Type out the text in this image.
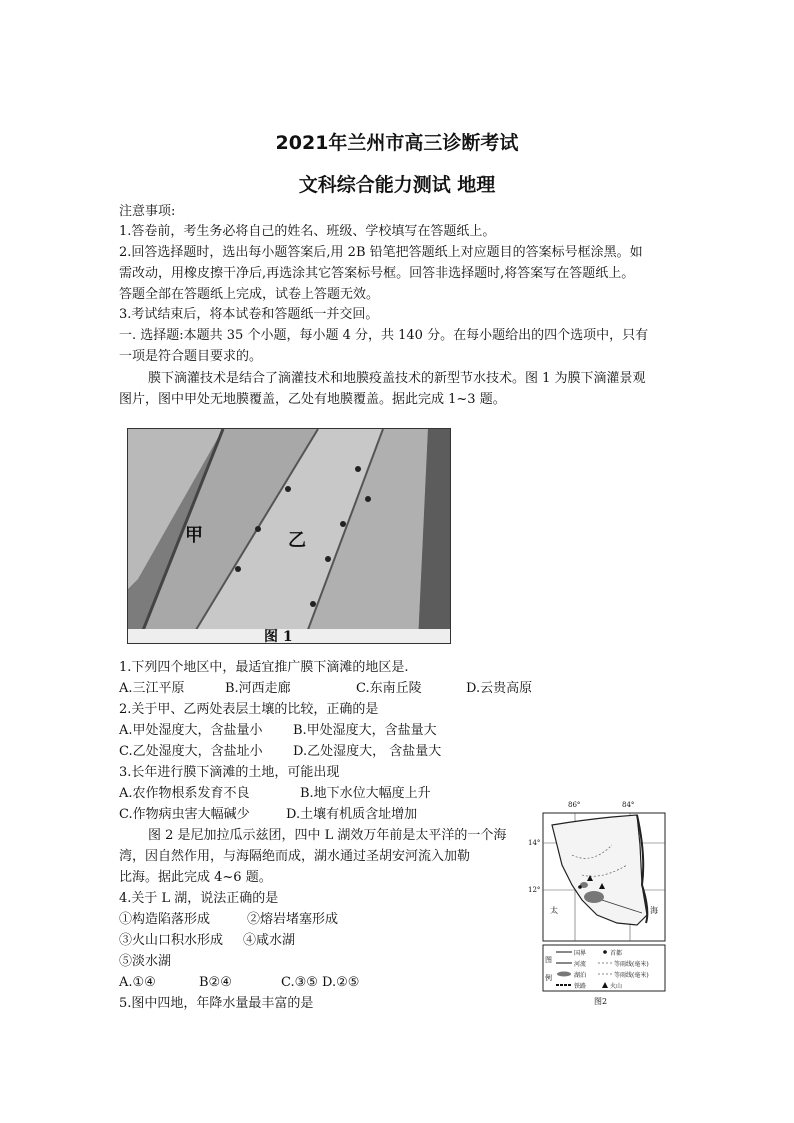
2021年兰州市高三诊断考试
文科综合能力测试 地理
注意事项:
1.答卷前，考生务必将自己的姓名、班级、学校填写在答题纸上。
2.回答选择题时，选出每小题答案后,用 2B 铅笔把答题纸上对应题目的答案标号框涂黑。如
需改动，用橡皮擦干净后,再选涂其它答案标号框。回答非选择题时,将答案写在答题纸上。
答题全部在答题纸上完成，试卷上答题无效。
3.考试结束后，将本试卷和答题纸一并交回。
一. 选择题:本题共 35 个小题，每小题 4 分，共 140 分。在每小题给出的四个选项中，只有
一项是符合题目要求的。
膜下滴灌技术是结合了滴灌技术和地膜疫盖技术的新型节水技术。图 1 为膜下滴灌景观
图片，图中甲处无地膜覆盖，乙处有地膜覆盖。据此完成 1~3 题。
甲	乙
图 1
1.下列四个地区中，最适宜推广膜下滴滩的地区是.
A.三江平原	B.河西走廊	C.东南丘陵	D.云贵高原
2.关于甲、乙两处表层土壤的比较，正确的是
A.甲处湿度大，含盐量小 B.甲处湿度大，含盐量大
C.乙处湿度大，含盐址小 D.乙处湿度大， 含盐量大
3.长年进行膜下滴滩的土地，可能出现
A.农作物根系发育不良	B.地下水位大幅度上升
C.作物病虫害大幅碱少	D.土壤有机质含址增加
图 2 是尼加拉瓜示兹团，四中 L 湖效万年前是太平洋的一个海
湾，因自然作用，与海隔绝而成，湖水通过圣胡安河流入加勒
比海。据此完成 4~6 题。
4.关于 L 湖，说法正确的是
①构造陷落形成	②熔岩堵塞形成
③火山口积水形成 ④咸水湖
⑤淡水湖
A.①④	B②④	C.③⑤ D.②⑤
5.图中四地，年降水量最丰富的是
86°	84°
14°
12°
太	海
图
例
国界	首都
河流	等雨线(毫米)
湖泊	等雨线(毫米)
铁路	火山
图2
